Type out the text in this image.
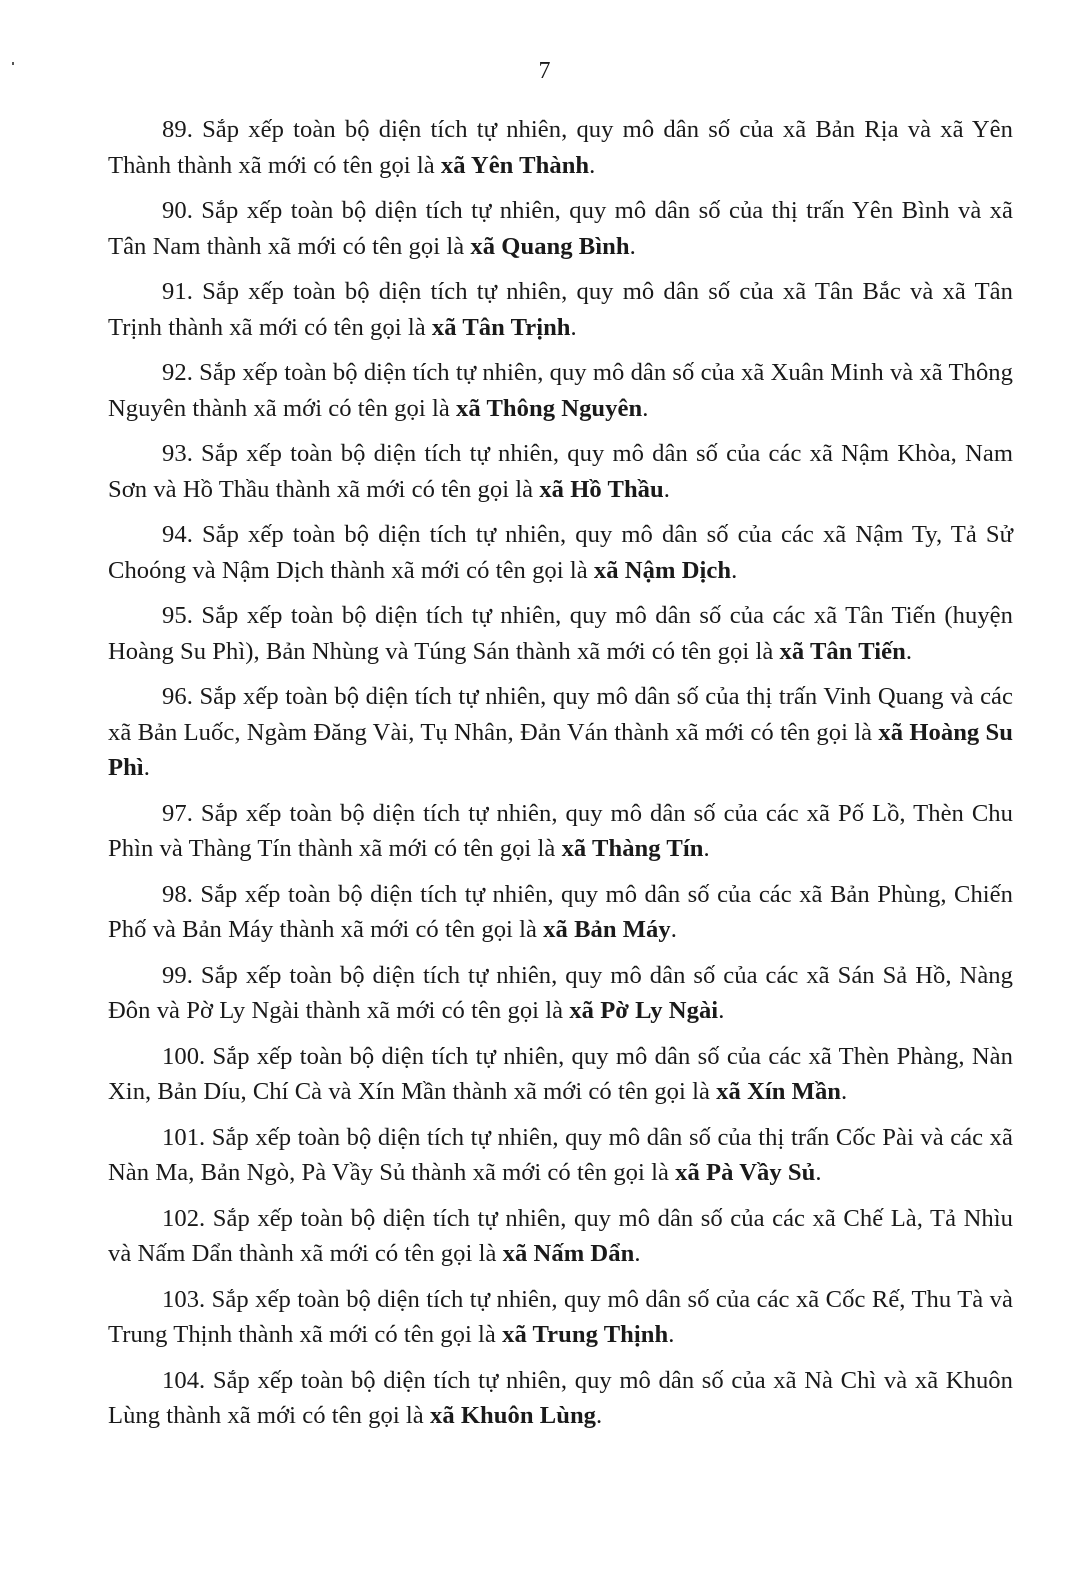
7

89. Sắp xếp toàn bộ diện tích tự nhiên, quy mô dân số của xã Bản Rịa và xã Yên Thành thành xã mới có tên gọi là xã Yên Thành.

90. Sắp xếp toàn bộ diện tích tự nhiên, quy mô dân số của thị trấn Yên Bình và xã Tân Nam thành xã mới có tên gọi là xã Quang Bình.

91. Sắp xếp toàn bộ diện tích tự nhiên, quy mô dân số của xã Tân Bắc và xã Tân Trịnh thành xã mới có tên gọi là xã Tân Trịnh.

92. Sắp xếp toàn bộ diện tích tự nhiên, quy mô dân số của xã Xuân Minh và xã Thông Nguyên thành xã mới có tên gọi là xã Thông Nguyên.

93. Sắp xếp toàn bộ diện tích tự nhiên, quy mô dân số của các xã Nậm Khòa, Nam Sơn và Hồ Thầu thành xã mới có tên gọi là xã Hồ Thầu.

94. Sắp xếp toàn bộ diện tích tự nhiên, quy mô dân số của các xã Nậm Ty, Tả Sử Choóng và Nậm Dịch thành xã mới có tên gọi là xã Nậm Dịch.

95. Sắp xếp toàn bộ diện tích tự nhiên, quy mô dân số của các xã Tân Tiến (huyện Hoàng Su Phì), Bản Nhùng và Túng Sán thành xã mới có tên gọi là xã Tân Tiến.

96. Sắp xếp toàn bộ diện tích tự nhiên, quy mô dân số của thị trấn Vinh Quang và các xã Bản Luốc, Ngàm Đăng Vài, Tụ Nhân, Đản Ván thành xã mới có tên gọi là xã Hoàng Su Phì.

97. Sắp xếp toàn bộ diện tích tự nhiên, quy mô dân số của các xã Pố Lồ, Thèn Chu Phìn và Thàng Tín thành xã mới có tên gọi là xã Thàng Tín.

98. Sắp xếp toàn bộ diện tích tự nhiên, quy mô dân số của các xã Bản Phùng, Chiến Phố và Bản Máy thành xã mới có tên gọi là xã Bản Máy.

99. Sắp xếp toàn bộ diện tích tự nhiên, quy mô dân số của các xã Sán Sả Hồ, Nàng Đôn và Pờ Ly Ngài thành xã mới có tên gọi là xã Pờ Ly Ngài.

100. Sắp xếp toàn bộ diện tích tự nhiên, quy mô dân số của các xã Thèn Phàng, Nàn Xin, Bản Díu, Chí Cà và Xín Mần thành xã mới có tên gọi là xã Xín Mần.

101. Sắp xếp toàn bộ diện tích tự nhiên, quy mô dân số của thị trấn Cốc Pài và các xã Nàn Ma, Bản Ngò, Pà Vầy Sủ thành xã mới có tên gọi là xã Pà Vầy Sủ.

102. Sắp xếp toàn bộ diện tích tự nhiên, quy mô dân số của các xã Chế Là, Tả Nhìu và Nấm Dẩn thành xã mới có tên gọi là xã Nấm Dẩn.

103. Sắp xếp toàn bộ diện tích tự nhiên, quy mô dân số của các xã Cốc Rế, Thu Tà và Trung Thịnh thành xã mới có tên gọi là xã Trung Thịnh.

104. Sắp xếp toàn bộ diện tích tự nhiên, quy mô dân số của xã Nà Chì và xã Khuôn Lùng thành xã mới có tên gọi là xã Khuôn Lùng.
